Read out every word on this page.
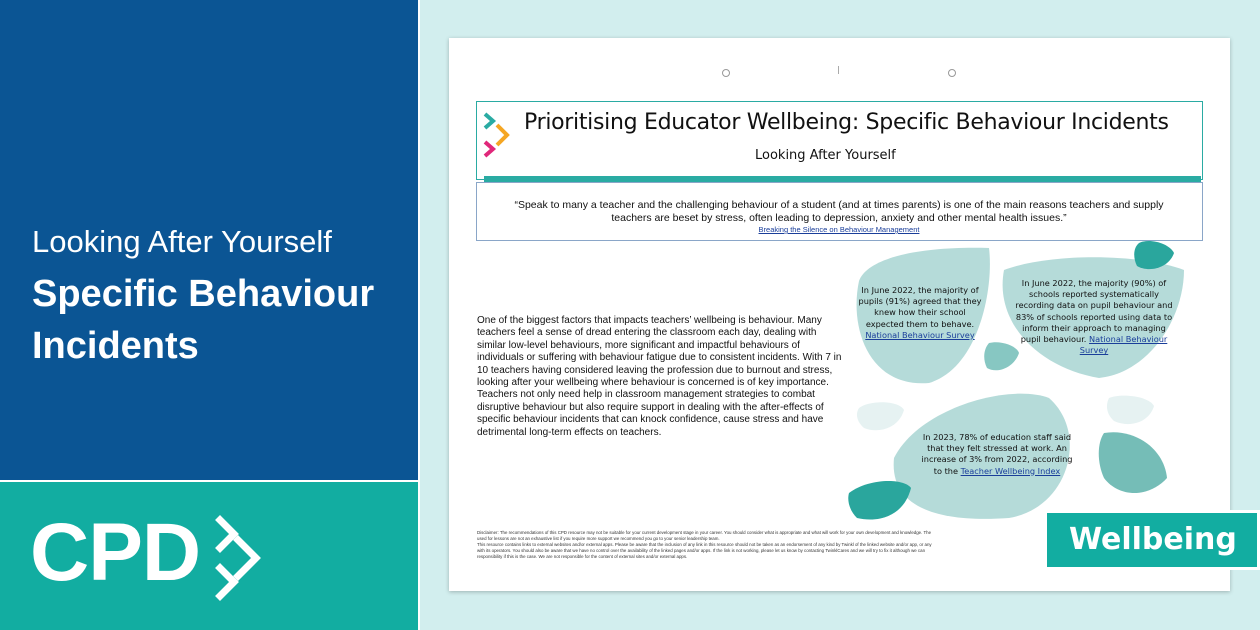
Looking After Yourself
Specific Behaviour Incidents
CPD
Prioritising Educator Wellbeing: Specific Behaviour Incidents
Looking After Yourself
“Speak to many a teacher and the challenging behaviour of a student (and at times parents) is one of the main reasons teachers and supply teachers are beset by stress, often leading to depression, anxiety and other mental health issues.”
Breaking the Silence on Behaviour Management
One of the biggest factors that impacts teachers’ wellbeing is behaviour. Many teachers feel a sense of dread entering the classroom each day, dealing with similar low-level behaviours, more significant and impactful behaviours of individuals or suffering with behaviour fatigue due to consistent incidents. With 7 in 10 teachers having considered leaving the profession due to burnout and stress, looking after your wellbeing where behaviour is concerned is of key importance. Teachers not only need help in classroom management strategies to combat disruptive behaviour but also require support in dealing with the after-effects of specific behaviour incidents that can knock confidence, cause stress and have detrimental long-term effects on teachers.
In June 2022, the majority of pupils (91%) agreed that they knew how their school expected them to behave.
National Behaviour Survey
In June 2022, the majority (90%) of schools reported systematically recording data on pupil behaviour and 83% of schools reported using data to inform their approach to managing pupil behaviour. National Behaviour Survey
In 2023, 78% of education staff said that they felt stressed at work. An increase of 3% from 2022, according to the Teacher Wellbeing Index
Disclaimer: The recommendations of this CPD resource may not be suitable for your current development stage in your career. You should consider what is appropriate and what will work for your own development and knowledge. The
used for lessons are not an exhaustive list if you require more support we recommend you go to your senior leadership team.
This resource contains links to external websites and/or external apps. Please be aware that the inclusion of any link in this resource should not be taken as an endorsement of any kind by Twinkl of the linked website and/or app, or any
with its operators. You should also be aware that we have no control over the availability of the linked pages and/or apps. If the link is not working, please let us know by contacting TwinklCares and we will try to fix it although we can
responsibility if this is the case. We are not responsible for the content of external sites and/or external apps.	Wellbeing
